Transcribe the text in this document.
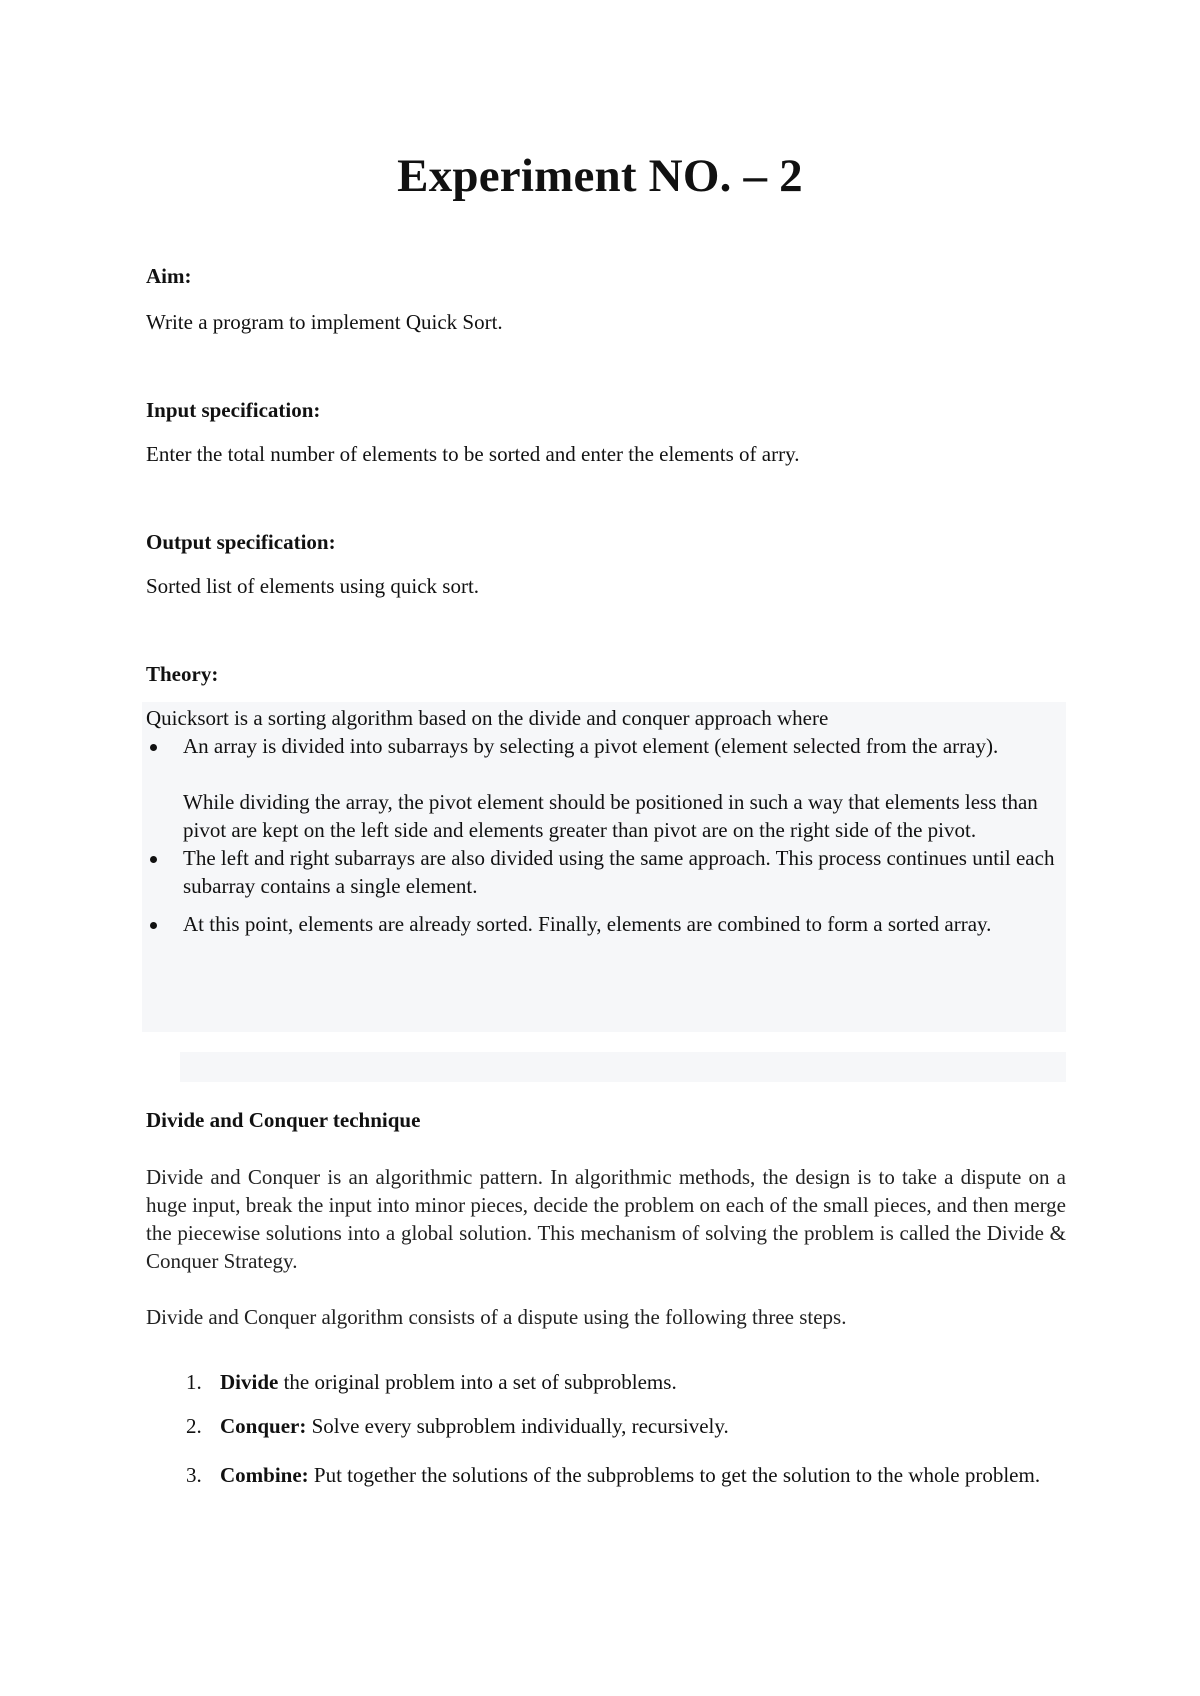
Experiment NO. – 2
Aim:
Write a program to implement Quick Sort.
Input specification:
Enter the total number of elements to be sorted and enter the elements of arry.
Output specification:
Sorted list of elements using quick sort.
Theory:

Quicksort is a sorting algorithm based on the divide and conquer approach where

An array is divided into subarrays by selecting a pivot element (element selected from the array).
While dividing the array, the pivot element should be positioned in such a way that elements less than pivot are kept on the left side and elements greater than pivot are on the right side of the pivot.
The left and right subarrays are also divided using the same approach. This process continues until each subarray contains a single element.
At this point, elements are already sorted. Finally, elements are combined to form a sorted array.
Divide and Conquer technique
Divide and Conquer is an algorithmic pattern. In algorithmic methods, the design is to take a dispute on a huge input, break the input into minor pieces, decide the problem on each of the small pieces, and then merge the piecewise solutions into a global solution. This mechanism of solving the problem is called the Divide & Conquer Strategy.
Divide and Conquer algorithm consists of a dispute using the following three steps.
1. Divide the original problem into a set of subproblems.
2. Conquer: Solve every subproblem individually, recursively.
3. Combine: Put together the solutions of the subproblems to get the solution to the whole problem.
